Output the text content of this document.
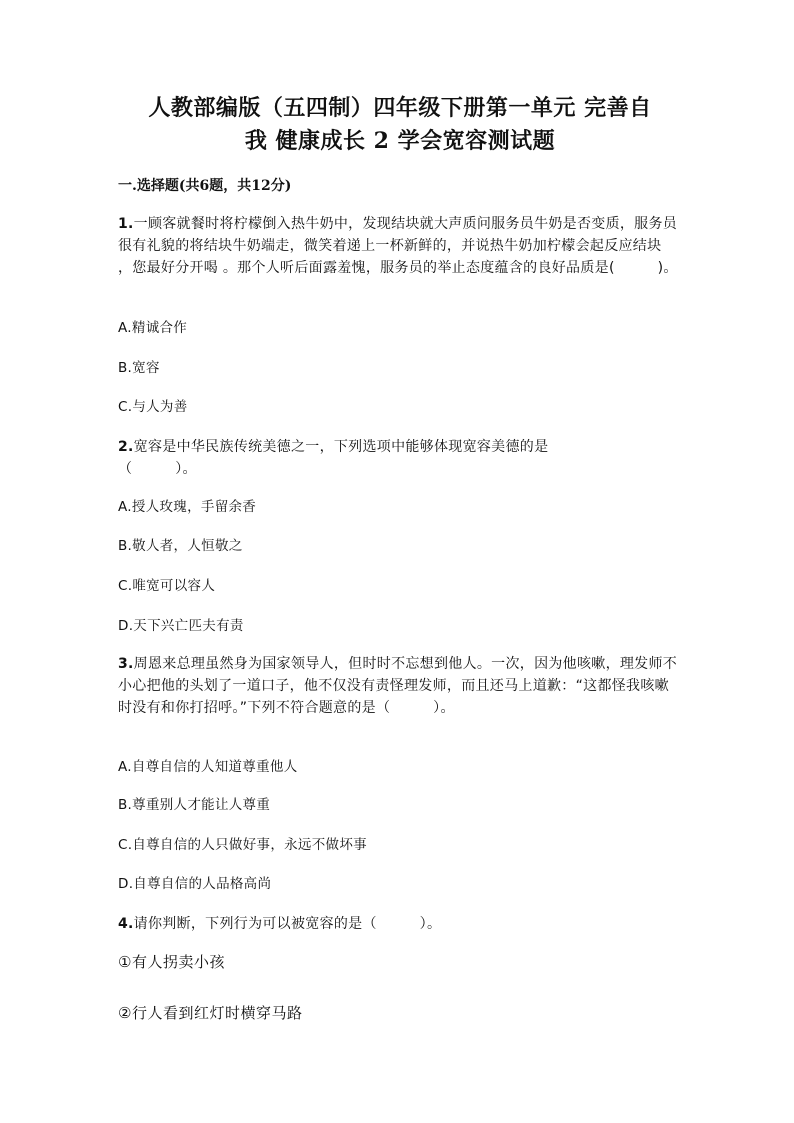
人教部编版（五四制）四年级下册第一单元 完善自
我 健康成长 2 学会宽容测试题
一.选择题(共6题，共12分)
1.一顾客就餐时将柠檬倒入热牛奶中，发现结块就大声质问服务员牛奶是否变质，服务员很有礼貌的将结块牛奶端走，微笑着递上一杯新鲜的，并说热牛奶加柠檬会起反应结块 ，您最好分开喝 。那个人听后面露羞愧，服务员的举止态度蕴含的良好品质是(　　　)。
A.精诚合作
B.宽容
C.与人为善
2.宽容是中华民族传统美德之一，下列选项中能够体现宽容美德的是（　　　）。
A.授人玫瑰，手留余香
B.敬人者，人恒敬之
C.唯宽可以容人
D.天下兴亡匹夫有责
3.周恩来总理虽然身为国家领导人，但时时不忘想到他人。一次，因为他咳嗽，理发师不小心把他的头划了一道口子，他不仅没有责怪理发师，而且还马上道歉：“这都怪我咳嗽时没有和你打招呼。”下列不符合题意的是（　　　）。
A.自尊自信的人知道尊重他人
B.尊重别人才能让人尊重
C.自尊自信的人只做好事，永远不做坏事
D.自尊自信的人品格高尚
4.请你判断，下列行为可以被宽容的是（　　　）。
①有人拐卖小孩
②行人看到红灯时横穿马路
